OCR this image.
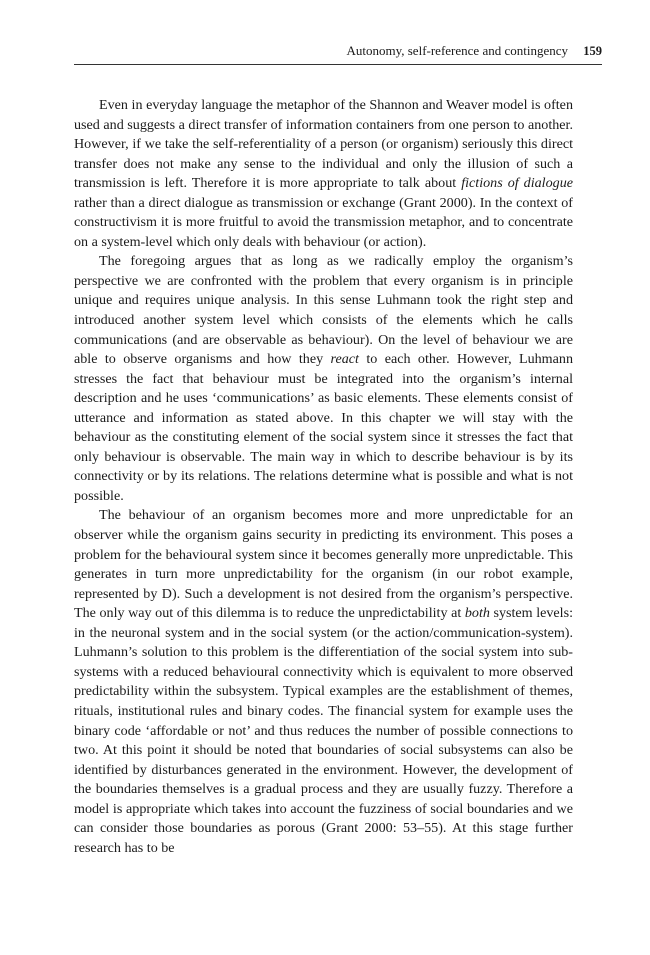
Autonomy, self-reference and contingency 159

Even in everyday language the metaphor of the Shannon and Weaver model is often used and suggests a direct transfer of information containers from one person to another. However, if we take the self-referentiality of a person (or organism) seriously this direct transfer does not make any sense to the individual and only the illusion of such a transmission is left. Therefore it is more appropriate to talk about fictions of dialogue rather than a direct dialogue as transmission or exchange (Grant 2000). In the context of constructivism it is more fruitful to avoid the transmission metaphor, and to concentrate on a system-level which only deals with behaviour (or action).

The foregoing argues that as long as we radically employ the organism’s perspective we are confronted with the problem that every organism is in principle unique and requires unique analysis. In this sense Luhmann took the right step and introduced another system level which consists of the elements which he calls communications (and are observable as behaviour). On the level of behaviour we are able to observe organisms and how they react to each other. However, Luhmann stresses the fact that behaviour must be integrated into the organism’s internal description and he uses ‘communications’ as basic elements. These elements consist of utterance and information as stated above. In this chapter we will stay with the behaviour as the constituting element of the social system since it stresses the fact that only behaviour is observable. The main way in which to describe behaviour is by its connectivity or by its relations. The relations determine what is possible and what is not possible.

The behaviour of an organism becomes more and more unpredictable for an observer while the organism gains security in predicting its environment. This poses a problem for the behavioural system since it becomes generally more unpredictable. This generates in turn more unpredictability for the organism (in our robot example, represented by D). Such a development is not desired from the organism’s perspective. The only way out of this dilemma is to reduce the unpredictability at both system levels: in the neuronal system and in the social system (or the action/communication-system). Luhmann’s solution to this problem is the differentiation of the social system into sub-systems with a reduced behavioural connectivity which is equivalent to more observed predictability within the subsystem. Typical examples are the establishment of themes, rituals, institutional rules and binary codes. The financial system for example uses the binary code ‘affordable or not’ and thus reduces the number of possible connections to two. At this point it should be noted that boundaries of social subsystems can also be identified by disturbances generated in the environment. However, the development of the boundaries themselves is a gradual process and they are usually fuzzy. Therefore a model is appropriate which takes into account the fuzziness of social boundaries and we can consider those boundaries as porous (Grant 2000: 53–55). At this stage further research has to be
